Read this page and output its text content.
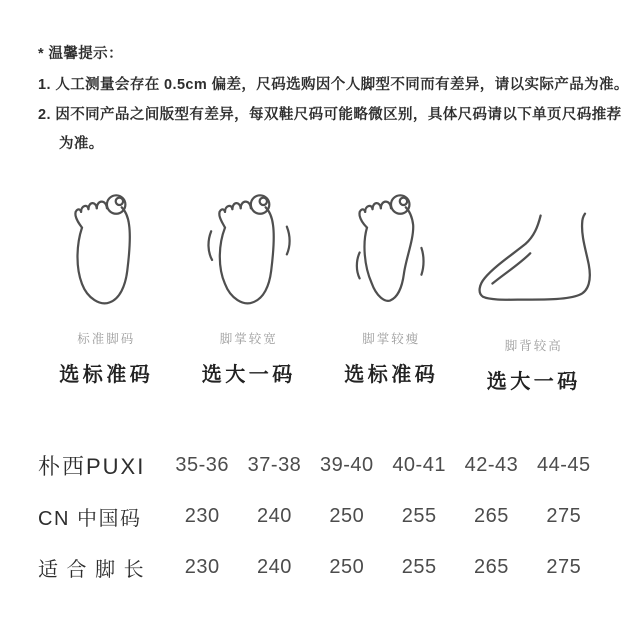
* 温馨提示：

1. 人工测量会存在 0.5cm 偏差，尺码选购因个人脚型不同而有差异，请以实际产品为准。

2. 因不同产品之间版型有差异，每双鞋尺码可能略微区别，具体尺码请以下单页尺码推荐

为准。

标准脚码
选标准码
脚掌较宽
选大一码
脚掌较瘦
选标准码
脚背较高
选大一码
朴西PUXI	35-36 37-38 39-40 40-41 42-43 44-45
CN 中国码	230	240	250	255	265	275
适 合 脚 长	230	240	250	255	265	275
